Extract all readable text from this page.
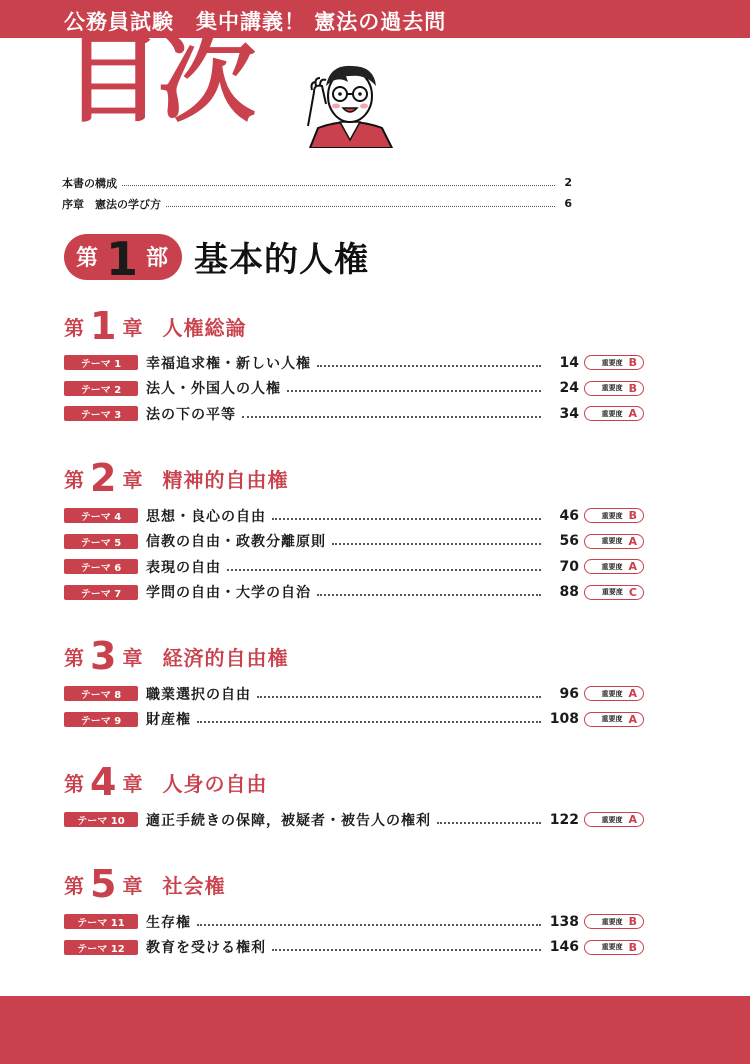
公務員試験　集中講義！ 憲法の過去問
目次
本書の構成	2
序章　憲法の学び方	6
第 1 部 基本的人権
第 1 章 人権総論
テーマ 1	幸福追求権・新しい人権	14	重要度 B
テーマ 2	法人・外国人の人権	24	重要度 B
テーマ 3	法の下の平等	34	重要度 A
第 2 章 精神的自由権
テーマ 4	思想・良心の自由	46	重要度 B
テーマ 5	信教の自由・政教分離原則	56	重要度 A
テーマ 6	表現の自由	70	重要度 A
テーマ 7	学問の自由・大学の自治	88	重要度 C
第 3 章 経済的自由権
テーマ 8	職業選択の自由	96	重要度 A
テーマ 9	財産権	108	重要度 A
第 4 章 人身の自由
テーマ 10	適正手続きの保障，被疑者・被告人の権利	122	重要度 A
第 5 章 社会権
テーマ 11	生存権	138	重要度 B
テーマ 12	教育を受ける権利	146	重要度 B
